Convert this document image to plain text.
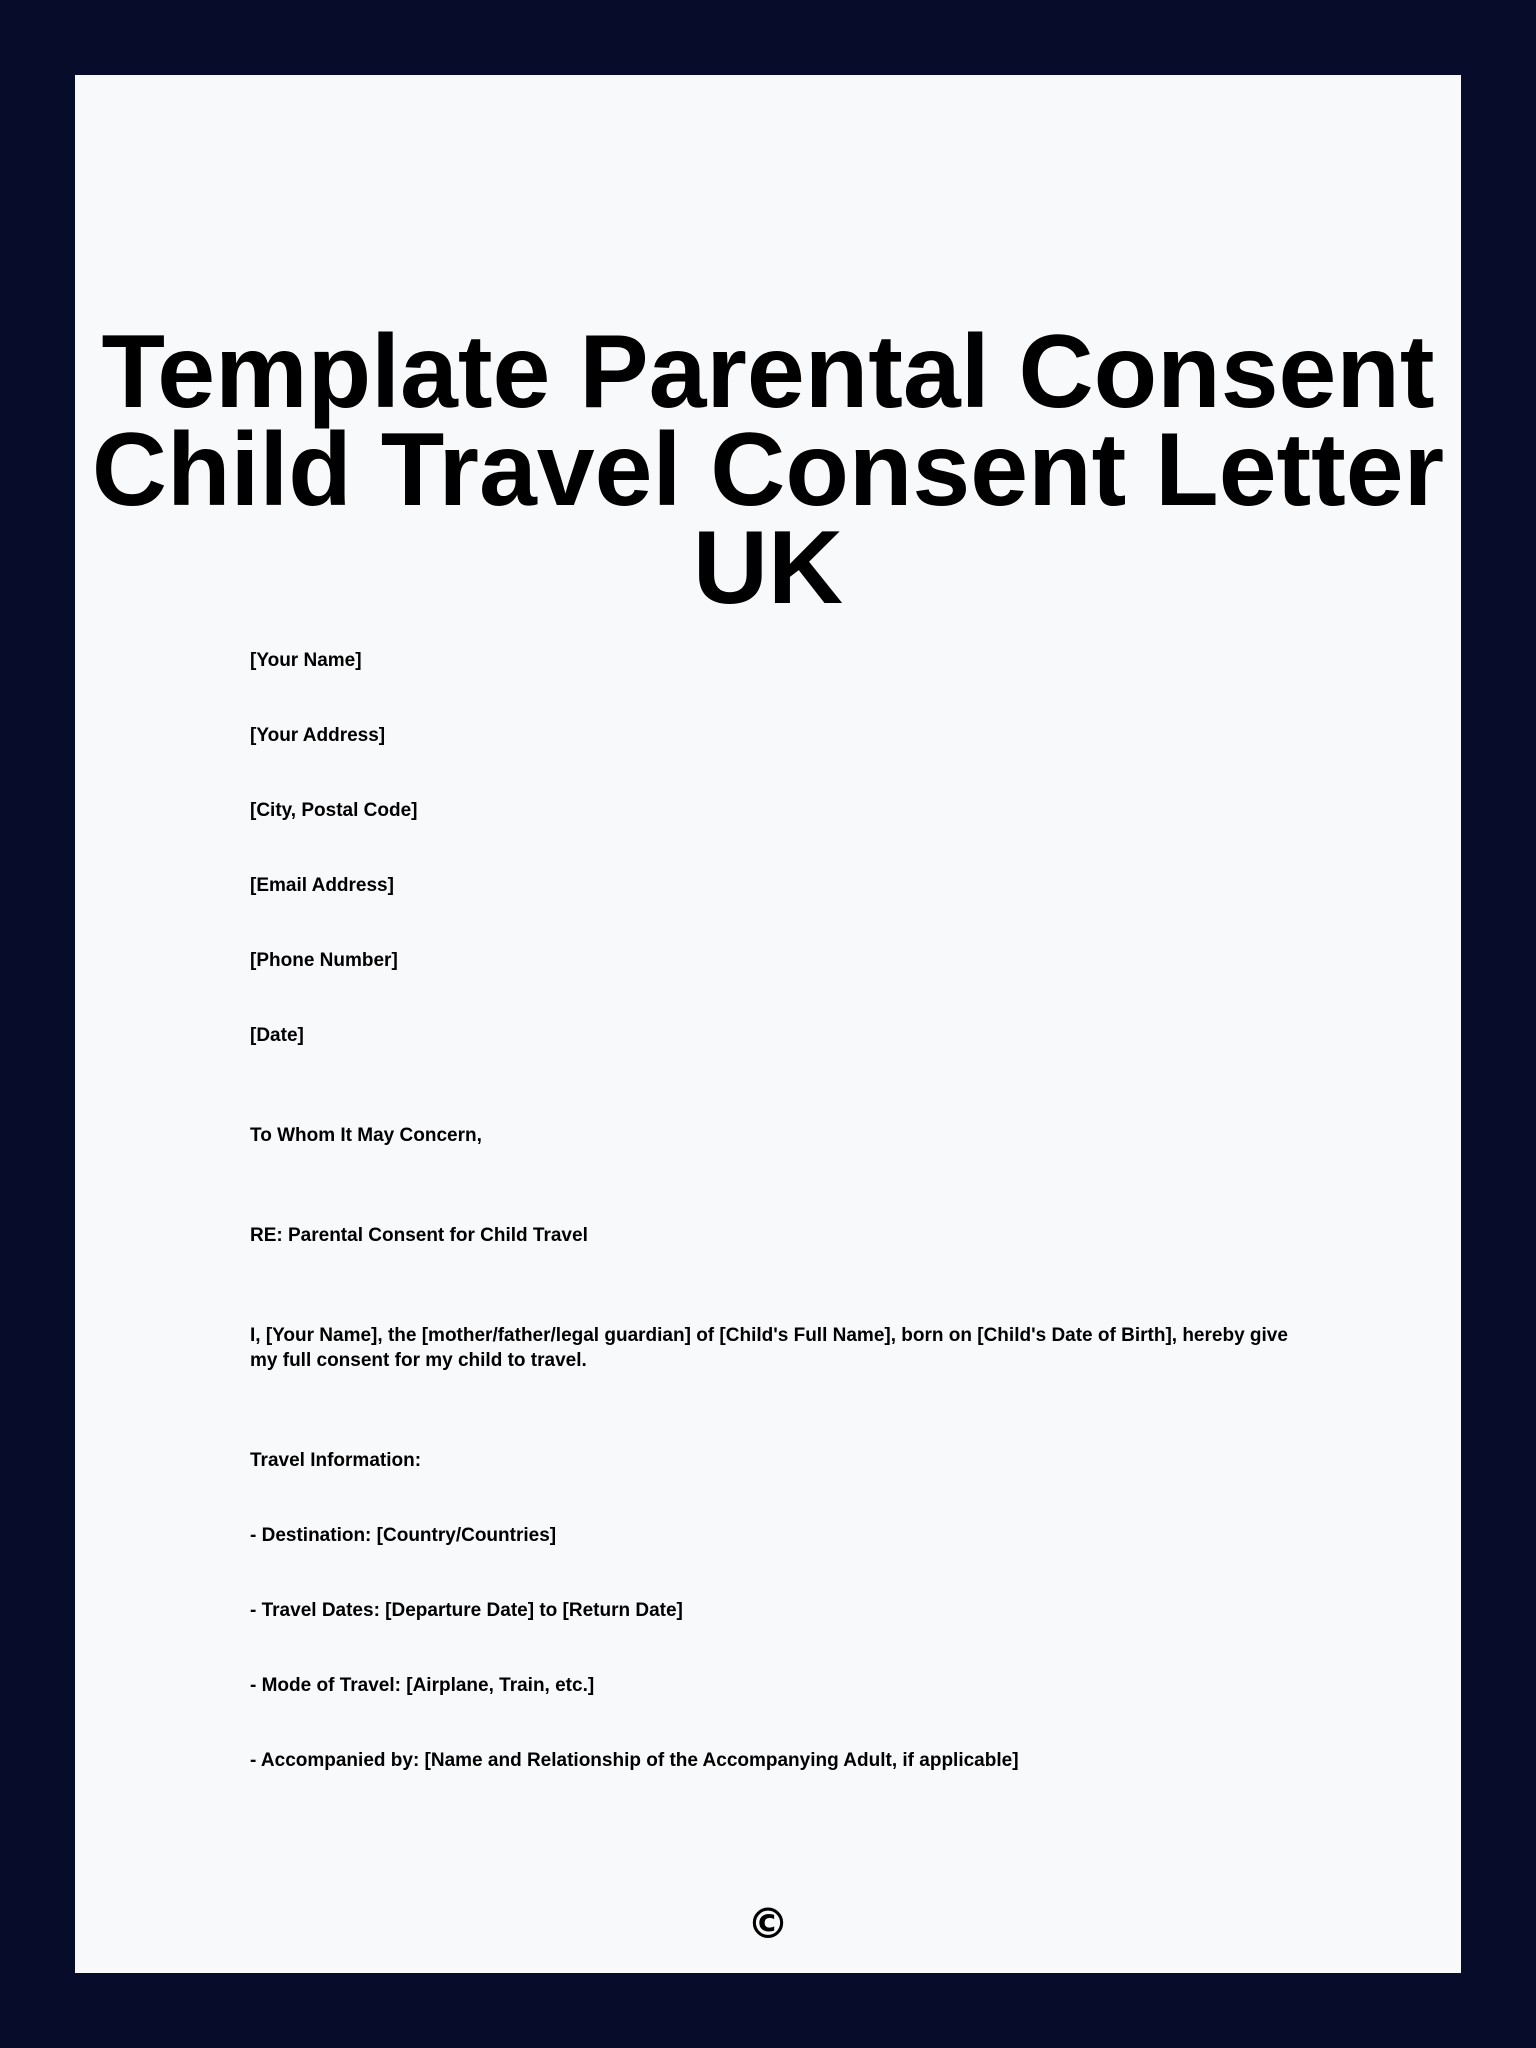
Template Parental Consent
Child Travel Consent Letter
UK
[Your Name]
[Your Address]
[City, Postal Code]
[Email Address]
[Phone Number]
[Date]
To Whom It May Concern,
RE: Parental Consent for Child Travel
I, [Your Name], the [mother/father/legal guardian] of [Child's Full Name], born on [Child's Date of Birth], hereby give my full consent for my child to travel.
Travel Information:
- Destination: [Country/Countries]
- Travel Dates: [Departure Date] to [Return Date]
- Mode of Travel: [Airplane, Train, etc.]
- Accompanied by: [Name and Relationship of the Accompanying Adult, if applicable]
©
